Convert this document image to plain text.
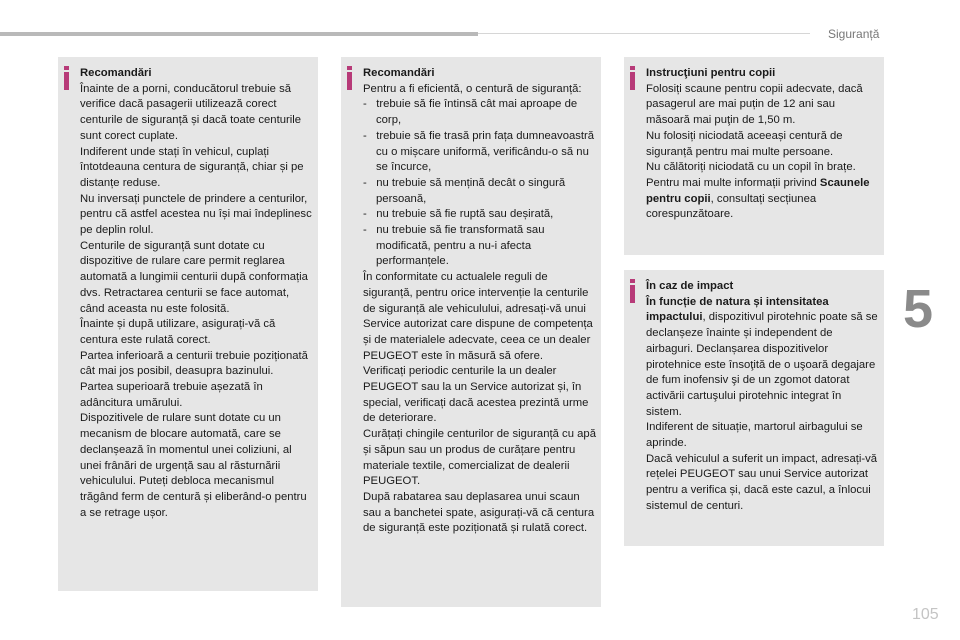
Siguranță
5
105

Recomandări

Înainte de a porni, conducătorul trebuie să verifice dacă pasagerii utilizează corect centurile de siguranță și dacă toate centurile sunt corect cuplate.

Indiferent unde stați în vehicul, cuplați întotdeauna centura de siguranță, chiar și pe distanțe reduse.

Nu inversați punctele de prindere a centurilor, pentru că astfel acestea nu își mai îndeplinesc pe deplin rolul.

Centurile de siguranță sunt dotate cu dispozitive de rulare care permit reglarea automată a lungimii centurii după conformația dvs. Retractarea centurii se face automat, când aceasta nu este folosită.

Înainte și după utilizare, asigurați-vă că centura este rulată corect.

Partea inferioară a centurii trebuie poziționată cât mai jos posibil, deasupra bazinului.

Partea superioară trebuie așezată în adâncitura umărului.

Dispozitivele de rulare sunt dotate cu un mecanism de blocare automată, care se declanșează în momentul unei coliziuni, al unei frânări de urgență sau al răsturnării vehiculului. Puteți debloca mecanismul trăgând ferm de centură și eliberând-o pentru a se retrage ușor.

Recomandări

Pentru a fi eficientă, o centură de siguranță:

-   trebuie să fie întinsă cât mai aproape de corp,

-   trebuie să fie trasă prin fața dumneavoastră cu o mișcare uniformă, verificându-o să nu se încurce,

-   nu trebuie să mențină decât o singură persoană,

-   nu trebuie să fie ruptă sau deșirată,

-   nu trebuie să fie transformată sau modificată, pentru a nu-i afecta performanțele.

În conformitate cu actualele reguli de siguranță, pentru orice intervenție la centurile de siguranță ale vehiculului, adresați-vă unui Service autorizat care dispune de competența și de materialele adecvate, ceea ce un dealer PEUGEOT este în măsură să ofere.

Verificați periodic centurile la un dealer PEUGEOT sau la un Service autorizat și, în special, verificați dacă acestea prezintă urme de deteriorare.

Curățați chingile centurilor de siguranță cu apă și săpun sau un produs de curățare pentru materiale textile, comercializat de dealerii PEUGEOT.

După rabatarea sau deplasarea unui scaun sau a banchetei spate, asigurați-vă că centura de siguranță este poziționată și rulată corect.

Instrucţiuni pentru copii

Folosiți scaune pentru copii adecvate, dacă pasagerul are mai puțin de 12 ani sau măsoară mai puţin de 1,50 m.

Nu folosiți niciodată aceeași centură de siguranță pentru mai multe persoane.

Nu călătoriți niciodată cu un copil în brațe.

Pentru mai multe informații privind Scaunele pentru copii, consultați secțiunea corespunzătoare.

În caz de impact

În funcție de natura și intensitatea impactului, dispozitivul pirotehnic poate să se declanșeze înainte și independent de airbaguri. Declanșarea dispozitivelor pirotehnice este însoţită de o uşoară degajare de fum inofensiv şi de un zgomot datorat activării cartuşului pirotehnic integrat în sistem.

Indiferent de situație, martorul airbagului se aprinde.

Dacă vehiculul a suferit un impact, adresați-vă rețelei PEUGEOT sau unui Service autorizat pentru a verifica și, dacă este cazul, a înlocui sistemul de centuri.
